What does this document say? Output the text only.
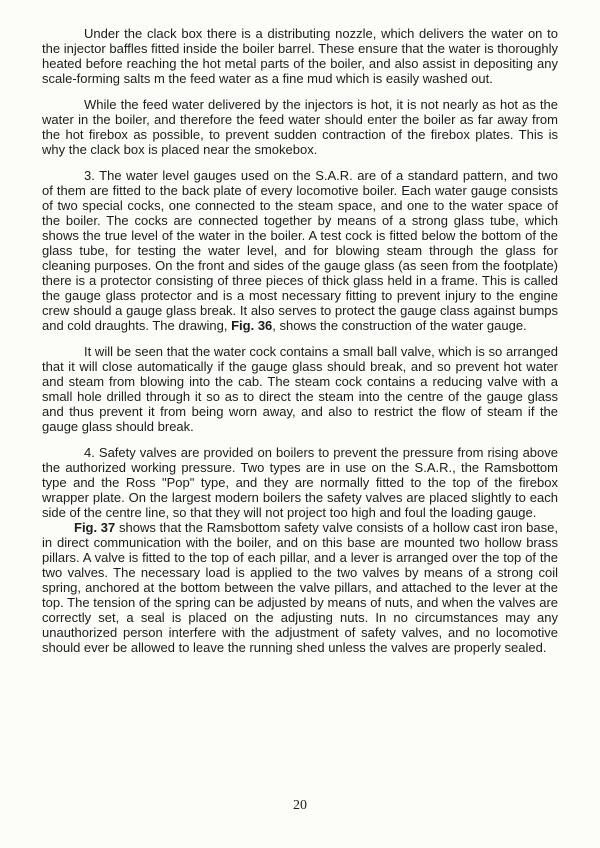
Under the clack box there is a distributing nozzle, which delivers the water on to the injector baffles fitted inside the boiler barrel. These ensure that the water is thoroughly heated before reaching the hot metal parts of the boiler, and also assist in depositing any scale-forming salts m the feed water as a fine mud which is easily washed out.

While the feed water delivered by the injectors is hot, it is not nearly as hot as the water in the boiler, and therefore the feed water should enter the boiler as far away from the hot firebox as possible, to prevent sudden contraction of the firebox plates. This is why the clack box is placed near the smokebox.

3. The water level gauges used on the S.A.R. are of a standard pattern, and two of them are fitted to the back plate of every locomotive boiler. Each water gauge consists of two special cocks, one connected to the steam space, and one to the water space of the boiler. The cocks are connected together by means of a strong glass tube, which shows the true level of the water in the boiler. A test cock is fitted below the bottom of the glass tube, for testing the water level, and for blowing steam through the glass for cleaning purposes. On the front and sides of the gauge glass (as seen from the footplate) there is a protector consisting of three pieces of thick glass held in a frame. This is called the gauge glass protector and is a most necessary fitting to prevent injury to the engine crew should a gauge glass break. It also serves to protect the gauge class against bumps and cold draughts. The drawing, Fig. 36, shows the construction of the water gauge.

It will be seen that the water cock contains a small ball valve, which is so arranged that it will close automatically if the gauge glass should break, and so prevent hot water and steam from blowing into the cab. The steam cock contains a reducing valve with a small hole drilled through it so as to direct the steam into the centre of the gauge glass and thus prevent it from being worn away, and also to restrict the flow of steam if the gauge glass should break.

4. Safety valves are provided on boilers to prevent the pressure from rising above the authorized working pressure. Two types are in use on the S.A.R., the Ramsbottom type and the Ross "Pop" type, and they are normally fitted to the top of the firebox wrapper plate. On the largest modern boilers the safety valves are placed slightly to each side of the centre line, so that they will not project too high and foul the loading gauge.

Fig. 37 shows that the Ramsbottom safety valve consists of a hollow cast iron base, in direct communication with the boiler, and on this base are mounted two hollow brass pillars. A valve is fitted to the top of each pillar, and a lever is arranged over the top of the two valves. The necessary load is applied to the two valves by means of a strong coil spring, anchored at the bottom between the valve pillars, and attached to the lever at the top. The tension of the spring can be adjusted by means of nuts, and when the valves are correctly set, a seal is placed on the adjusting nuts. In no circumstances may any unauthorized person interfere with the adjustment of safety valves, and no locomotive should ever be allowed to leave the running shed unless the valves are properly sealed.

20
